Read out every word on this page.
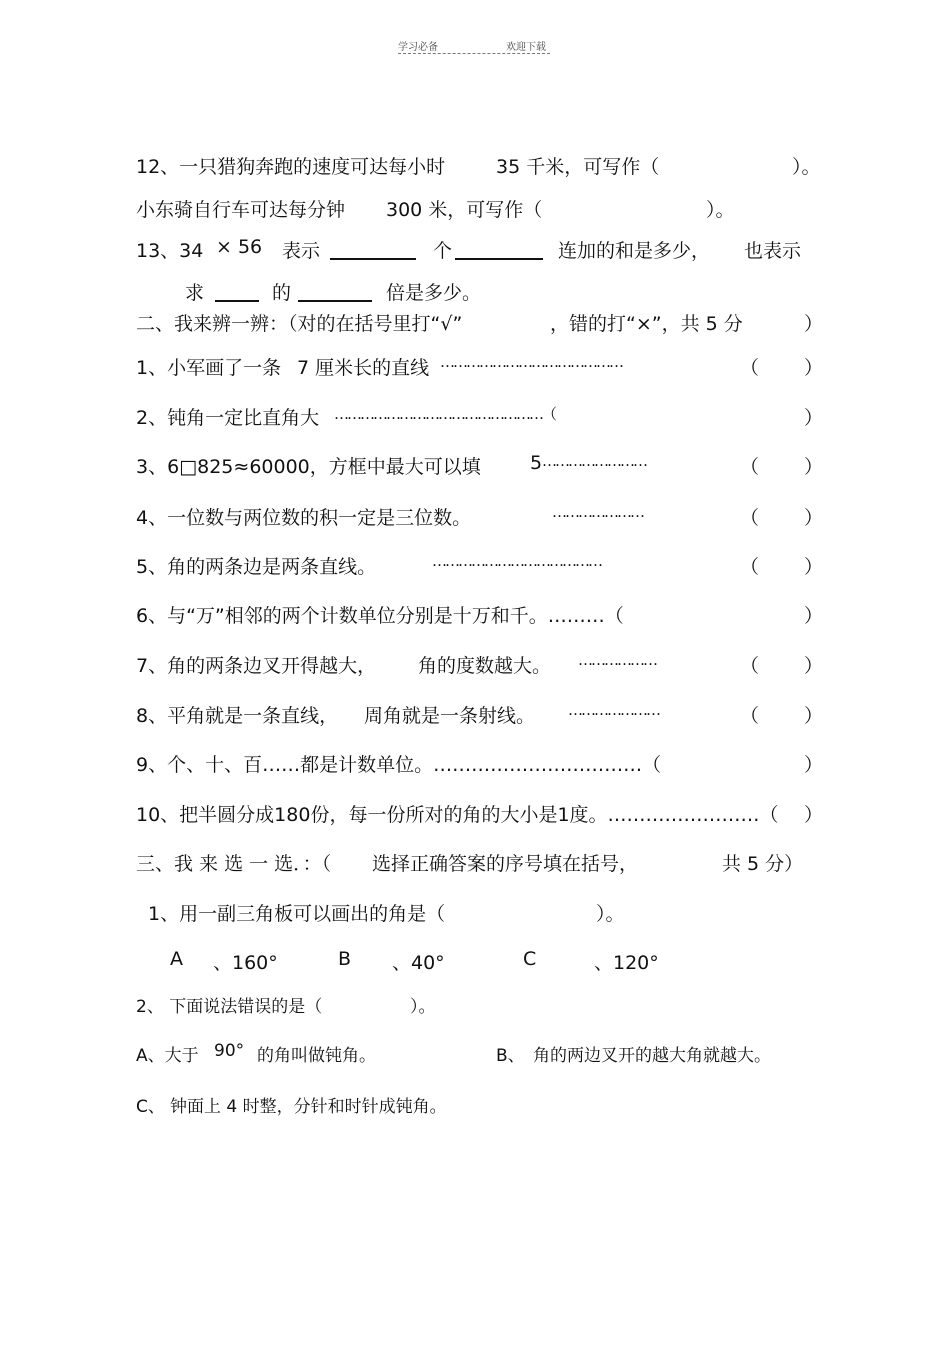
学习必备	欢迎下载
12、一只猎狗奔跑的速度可达每小时	35 千米，可写作（	）。
小东骑自行车可达每分钟 300 米，可写作（	）。
13、34 × 56 表示	个	连加的和是多少， 也表示
求	的	倍是多少。
二、我来辨一辨：（对的在括号里打“√”	，错的打“×”，共 5 分	）
1、小军画了一条 7 厘米长的直线 ……………………………………	（ ）
2、钝角一定比直角大 …………………………………………（	）
3、6□825≈60000，方框中最大可以填	5 ……………………	（ ）
4、一位数与两位数的积一定是三位数。	…………………	（ ）
5、角的两条边是两条直线。	…………………………………	（ ）
6、与“万”相邻的两个计数单位分别是十万和千。………（	）
7、角的两条边叉开得越大， 角的度数越大。 ………………	（ ）
8、平角就是一条直线， 周角就是一条射线。 …………………	（ ）
9、个、十、百……都是计数单位。……………………………（	）
10、把半圆分成180份，每一份所对的角的大小是1度。……………………（ ）
三、我 来 选 一 选．：（ 选择正确答案的序号填在括号，	共 5 分）
1、用一副三角板可以画出的角是（	）。
A 、160°	B 、40°	C	、120°
2、 下面说法错误的是（	）。
A、大于 90° 的角叫做钝角。	B、 角的两边叉开的越大角就越大。
C、 钟面上 4 时整，分针和时针成钝角。
